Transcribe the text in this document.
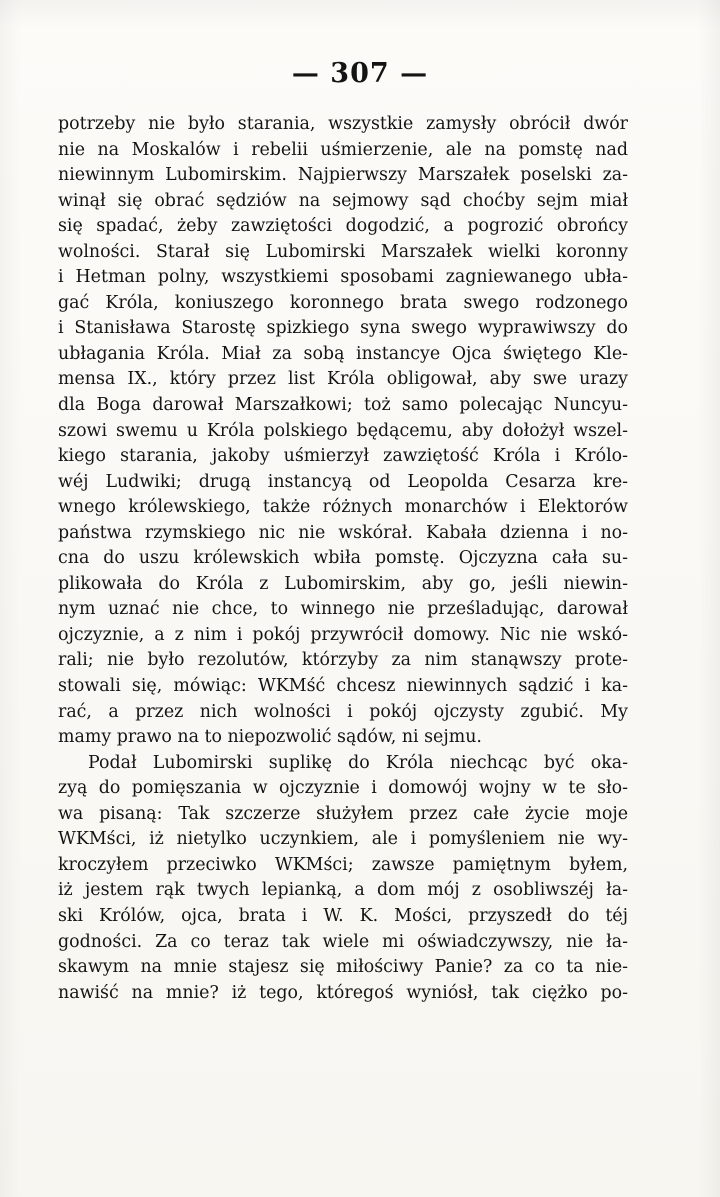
— 307 —
potrzeby nie było starania, wszystkie zamysły obrócił dwór
nie na Moskalów i rebelii uśmierzenie, ale na pomstę nad
niewinnym Lubomirskim. Najpierwszy Marszałek poselski za-
winął się obrać sędziów na sejmowy sąd choćby sejm miał
się spadać, żeby zawziętości dogodzić, a pogrozić obrońcy
wolności. Starał się Lubomirski Marszałek wielki koronny
i Hetman polny, wszystkiemi sposobami zagniewanego ubła-
gać Króla, koniuszego koronnego brata swego rodzonego
i Stanisława Starostę spizkiego syna swego wyprawiwszy do
ubłagania Króla. Miał za sobą instancye Ojca świętego Kle-
mensa IX., który przez list Króla obligował, aby swe urazy
dla Boga darował Marszałkowi; toż samo polecając Nuncyu-
szowi swemu u Króla polskiego będącemu, aby dołożył wszel-
kiego starania, jakoby uśmierzył zawziętość Króla i Królo-
wéj Ludwiki; drugą instancyą od Leopolda Cesarza kre-
wnego królewskiego, także różnych monarchów i Elektorów
państwa rzymskiego nic nie wskórał. Kabała dzienna i no-
cna do uszu królewskich wbiła pomstę. Ojczyzna cała su-
plikowała do Króla z Lubomirskim, aby go, jeśli niewin-
nym uznać nie chce, to winnego nie prześladując, darował
ojczyznie, a z nim i pokój przywrócił domowy. Nic nie wskó-
rali; nie było rezolutów, którzyby za nim stanąwszy prote-
stowali się, mówiąc: WKMść chcesz niewinnych sądzić i ka-
rać, a przez nich wolności i pokój ojczysty zgubić. My
mamy prawo na to niepozwolić sądów, ni sejmu.
Podał Lubomirski suplikę do Króla niechcąc być oka-
zyą do pomięszania w ojczyznie i domowój wojny w te sło-
wa pisaną: Tak szczerze służyłem przez całe życie moje
WKMści, iż nietylko uczynkiem, ale i pomyśleniem nie wy-
kroczyłem przeciwko WKMści; zawsze pamiętnym byłem,
iż jestem rąk twych lepianką, a dom mój z osobliwszéj ła-
ski Królów, ojca, brata i W. K. Mości, przyszedł do téj
godności. Za co teraz tak wiele mi oświadczywszy, nie ła-
skawym na mnie stajesz się miłościwy Panie? za co ta nie-
nawiść na mnie? iż tego, któregoś wyniósł, tak ciężko po-
